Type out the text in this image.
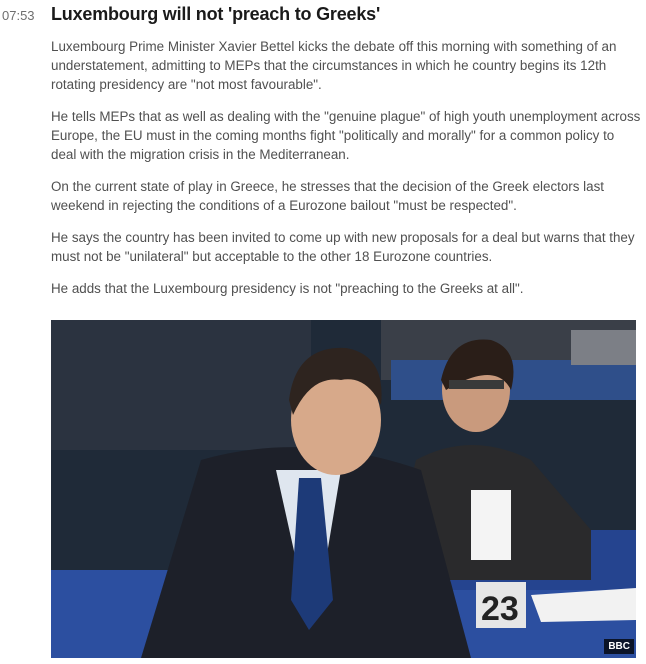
07:53 Luxembourg will not 'preach to Greeks'

Luxembourg Prime Minister Xavier Bettel kicks the debate off this morning with something of an understatement, admitting to MEPs that the circumstances in which he country begins its 12th rotating presidency are "not most favourable".

He tells MEPs that as well as dealing with the "genuine plague" of high youth unemployment across Europe, the EU must in the coming months fight "politically and morally" for a common policy to deal with the migration crisis in the Mediterranean.

On the current state of play in Greece, he stresses that the decision of the Greek electors last weekend in rejecting the conditions of a Eurozone bailout "must be respected".

He says the country has been invited to come up with new proposals for a deal but warns that they must not be "unilateral" but acceptable to the other 18 Eurozone countries.

He adds that the Luxembourg presidency is not "preaching to the Greeks at all".

23
BBC
